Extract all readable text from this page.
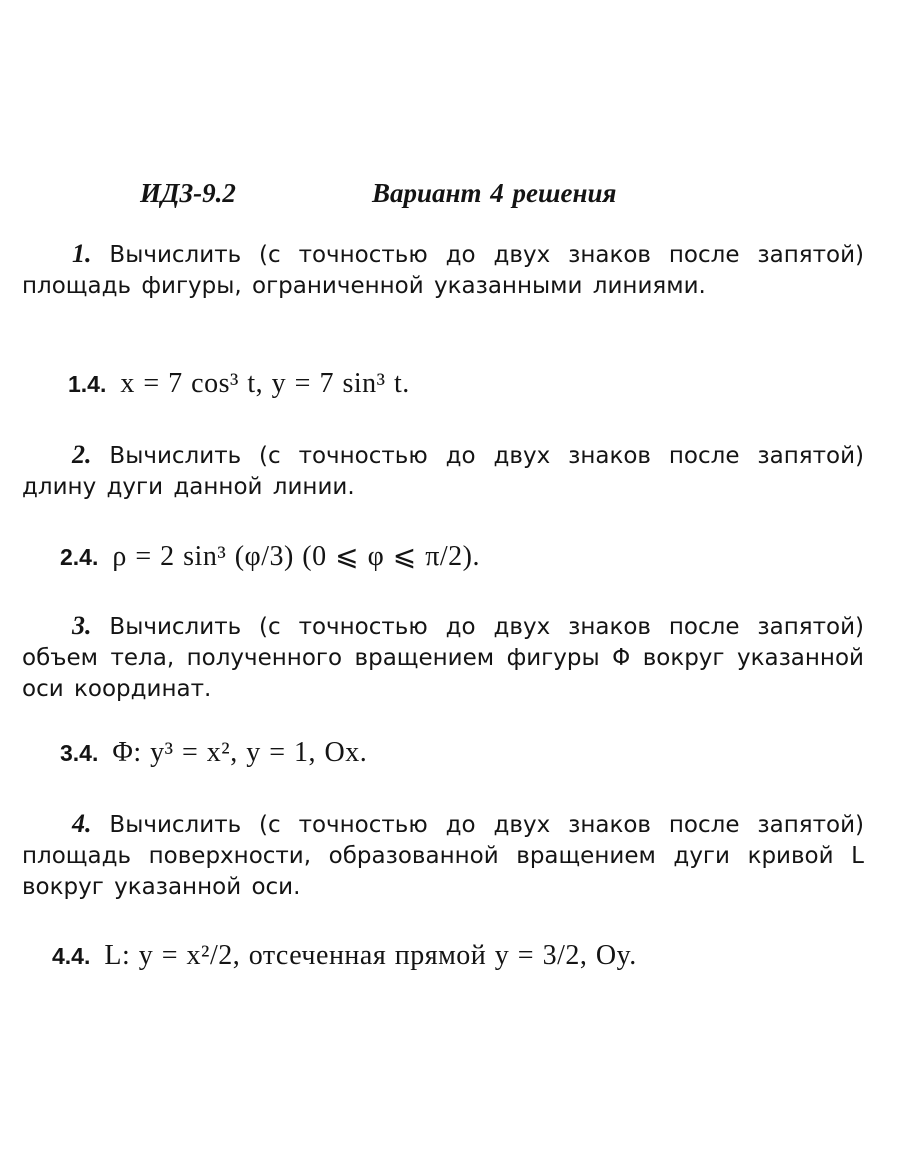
ИДЗ-9.2	Вариант 4 решения
1. Вычислить (с точностью до двух знаков после запятой) площадь фигуры, ограниченной указанными линиями.
1.4. x = 7 cos³ t, y = 7 sin³ t.
2. Вычислить (с точностью до двух знаков после запятой) длину дуги данной линии.
2.4. ρ = 2 sin³ (φ/3) (0 ⩽ φ ⩽ π/2).
3. Вычислить (с точностью до двух знаков после запятой) объем тела, полученного вращением фигуры Φ вокруг указанной оси координат.
3.4. Φ: y³ = x², y = 1, Ox.
4. Вычислить (с точностью до двух знаков после запятой) площадь поверхности, образованной вращением дуги кривой L вокруг указанной оси.
4.4. L: y = x²/2, отсеченная прямой y = 3/2, Oy.
